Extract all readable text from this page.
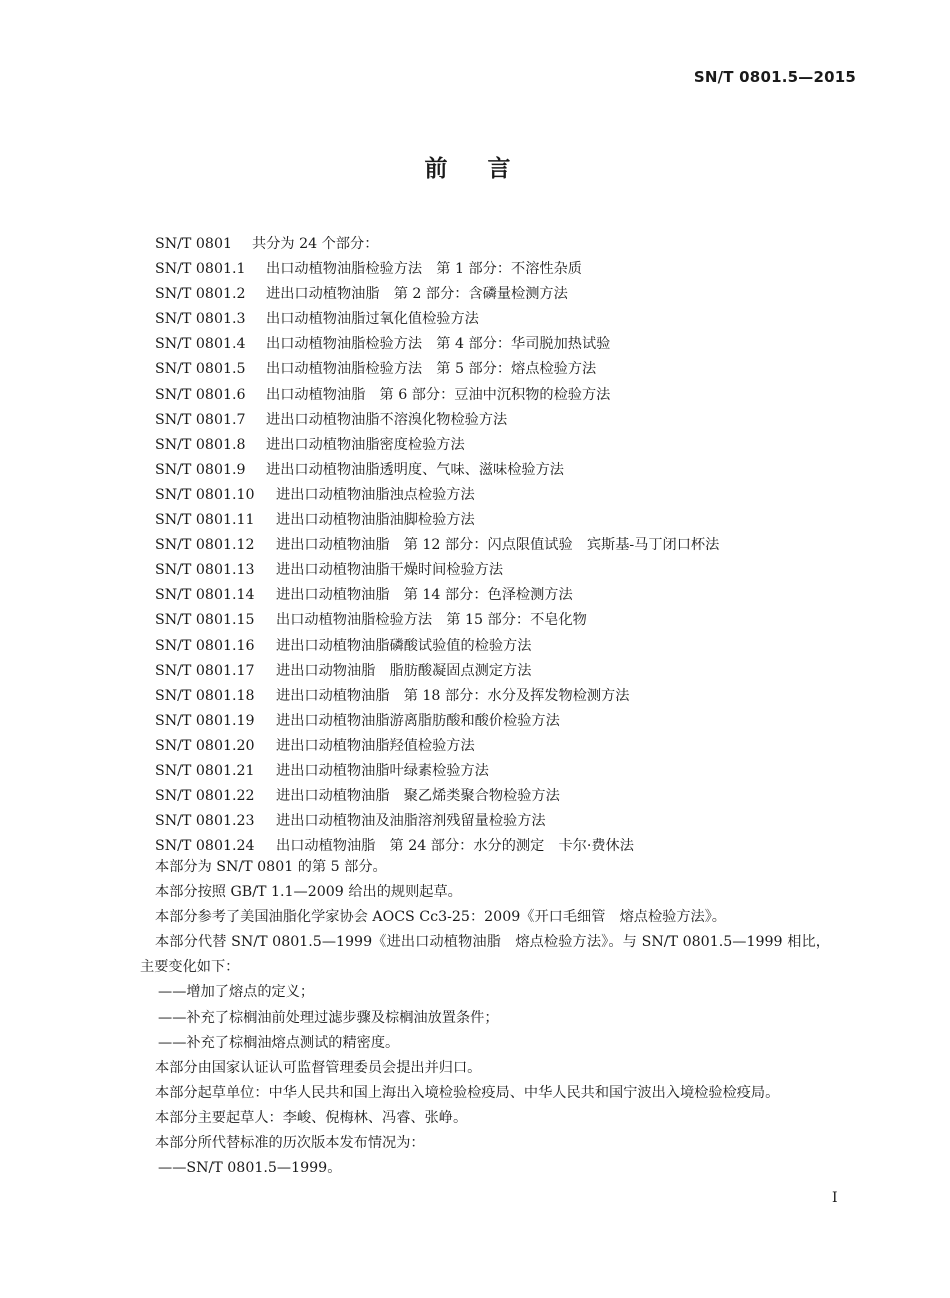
SN/T 0801.5—2015
前言
SN/T 0801 共分为 24 个部分：
SN/T 0801.1 出口动植物油脂检验方法　第 1 部分：不溶性杂质
SN/T 0801.2 进出口动植物油脂　第 2 部分：含磷量检测方法
SN/T 0801.3 出口动植物油脂过氧化值检验方法
SN/T 0801.4 出口动植物油脂检验方法　第 4 部分：华司脱加热试验
SN/T 0801.5 出口动植物油脂检验方法　第 5 部分：熔点检验方法
SN/T 0801.6 出口动植物油脂　第 6 部分：豆油中沉积物的检验方法
SN/T 0801.7 进出口动植物油脂不溶溴化物检验方法
SN/T 0801.8 进出口动植物油脂密度检验方法
SN/T 0801.9 进出口动植物油脂透明度、气味、滋味检验方法
SN/T 0801.10 进出口动植物油脂浊点检验方法
SN/T 0801.11 进出口动植物油脂油脚检验方法
SN/T 0801.12 进出口动植物油脂　第 12 部分：闪点限值试验　宾斯基-马丁闭口杯法
SN/T 0801.13 进出口动植物油脂干燥时间检验方法
SN/T 0801.14 进出口动植物油脂　第 14 部分：色泽检测方法
SN/T 0801.15 出口动植物油脂检验方法　第 15 部分：不皂化物
SN/T 0801.16 进出口动植物油脂磷酸试验值的检验方法
SN/T 0801.17 进出口动物油脂　脂肪酸凝固点测定方法
SN/T 0801.18 进出口动植物油脂　第 18 部分：水分及挥发物检测方法
SN/T 0801.19 进出口动植物油脂游离脂肪酸和酸价检验方法
SN/T 0801.20 进出口动植物油脂羟值检验方法
SN/T 0801.21 进出口动植物油脂叶绿素检验方法
SN/T 0801.22 进出口动植物油脂　聚乙烯类聚合物检验方法
SN/T 0801.23 进出口动植物油及油脂溶剂残留量检验方法
SN/T 0801.24 出口动植物油脂　第 24 部分：水分的测定　卡尔·费休法

本部分为 SN/T 0801 的第 5 部分。

本部分按照 GB/T 1.1—2009 给出的规则起草。

本部分参考了美国油脂化学家协会 AOCS Cc3-25：2009《开口毛细管　熔点检验方法》。

本部分代替 SN/T 0801.5—1999《进出口动植物油脂　熔点检验方法》。与 SN/T 0801.5—1999 相比，主要变化如下：

——增加了熔点的定义；

——补充了棕榈油前处理过滤步骤及棕榈油放置条件；

——补充了棕榈油熔点测试的精密度。

本部分由国家认证认可监督管理委员会提出并归口。

本部分起草单位：中华人民共和国上海出入境检验检疫局、中华人民共和国宁波出入境检验检疫局。

本部分主要起草人：李峻、倪梅林、冯睿、张峥。

本部分所代替标准的历次版本发布情况为：

——SN/T 0801.5—1999。

I
